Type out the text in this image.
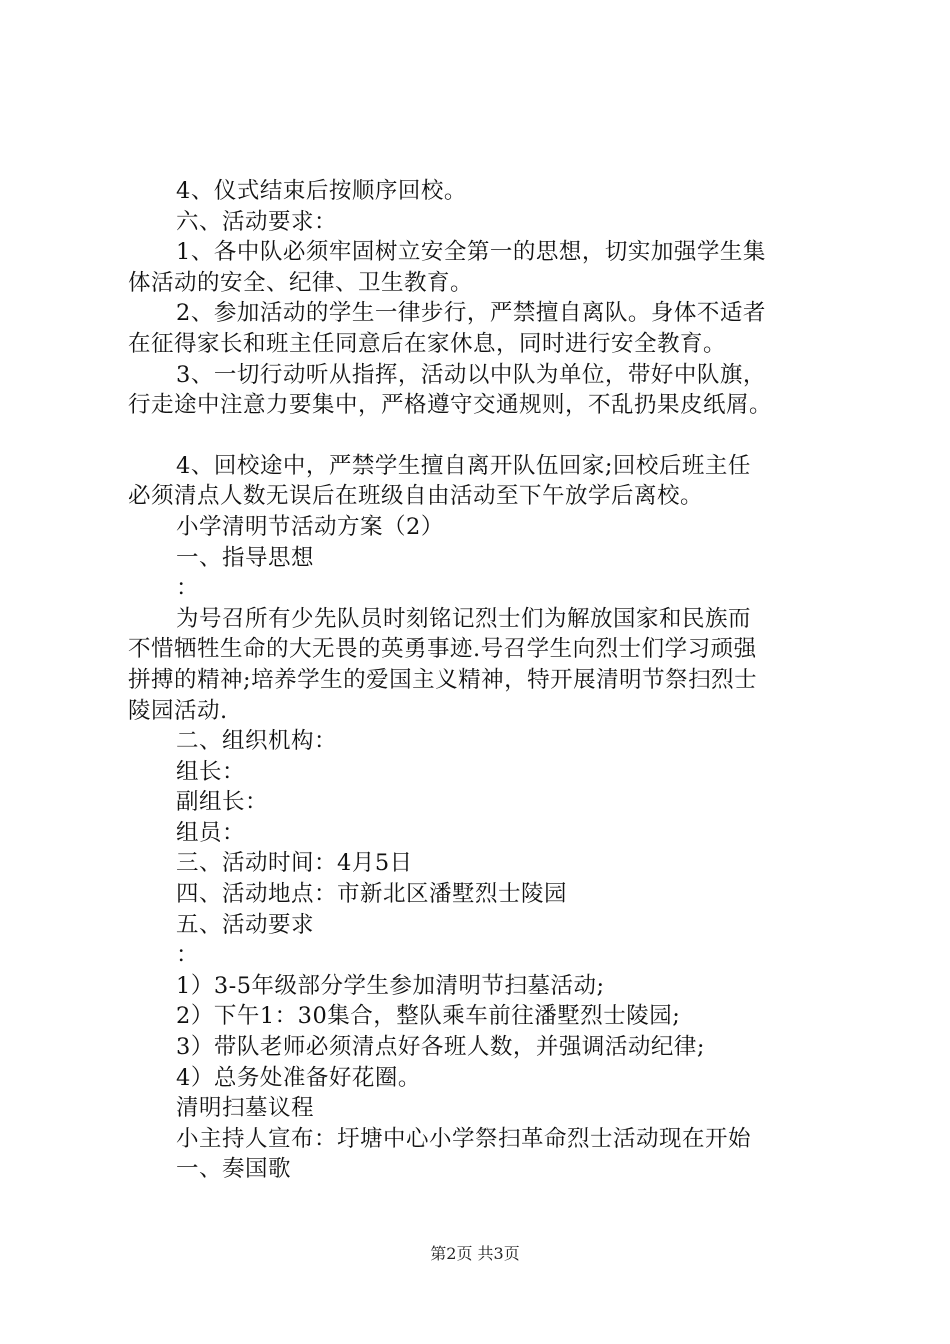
4、仪式结束后按顺序回校。
六、活动要求：
1、各中队必须牢固树立安全第一的思想，切实加强学生集
体活动的安全、纪律、卫生教育。
2、参加活动的学生一律步行，严禁擅自离队。身体不适者
在征得家长和班主任同意后在家休息，同时进行安全教育。
3、一切行动听从指挥，活动以中队为单位，带好中队旗，
行走途中注意力要集中，严格遵守交通规则，不乱扔果皮纸屑。
4、回校途中，严禁学生擅自离开队伍回家;回校后班主任
必须清点人数无误后在班级自由活动至下午放学后离校。
小学清明节活动方案（2）
一、指导思想
：
为号召所有少先队员时刻铭记烈士们为解放国家和民族而
不惜牺牲生命的大无畏的英勇事迹.号召学生向烈士们学习顽强
拼搏的精神;培养学生的爱国主义精神，特开展清明节祭扫烈士
陵园活动.
二、组织机构：
组长：
副组长：
组员：
三、活动时间：4月5日
四、活动地点：市新北区潘墅烈士陵园
五、活动要求
：
1）3-5年级部分学生参加清明节扫墓活动;
2）下午1：30集合，整队乘车前往潘墅烈士陵园;
3）带队老师必须清点好各班人数，并强调活动纪律;
4）总务处准备好花圈。
清明扫墓议程
小主持人宣布：圩塘中心小学祭扫革命烈士活动现在开始
一、奏国歌
第2页 共3页
